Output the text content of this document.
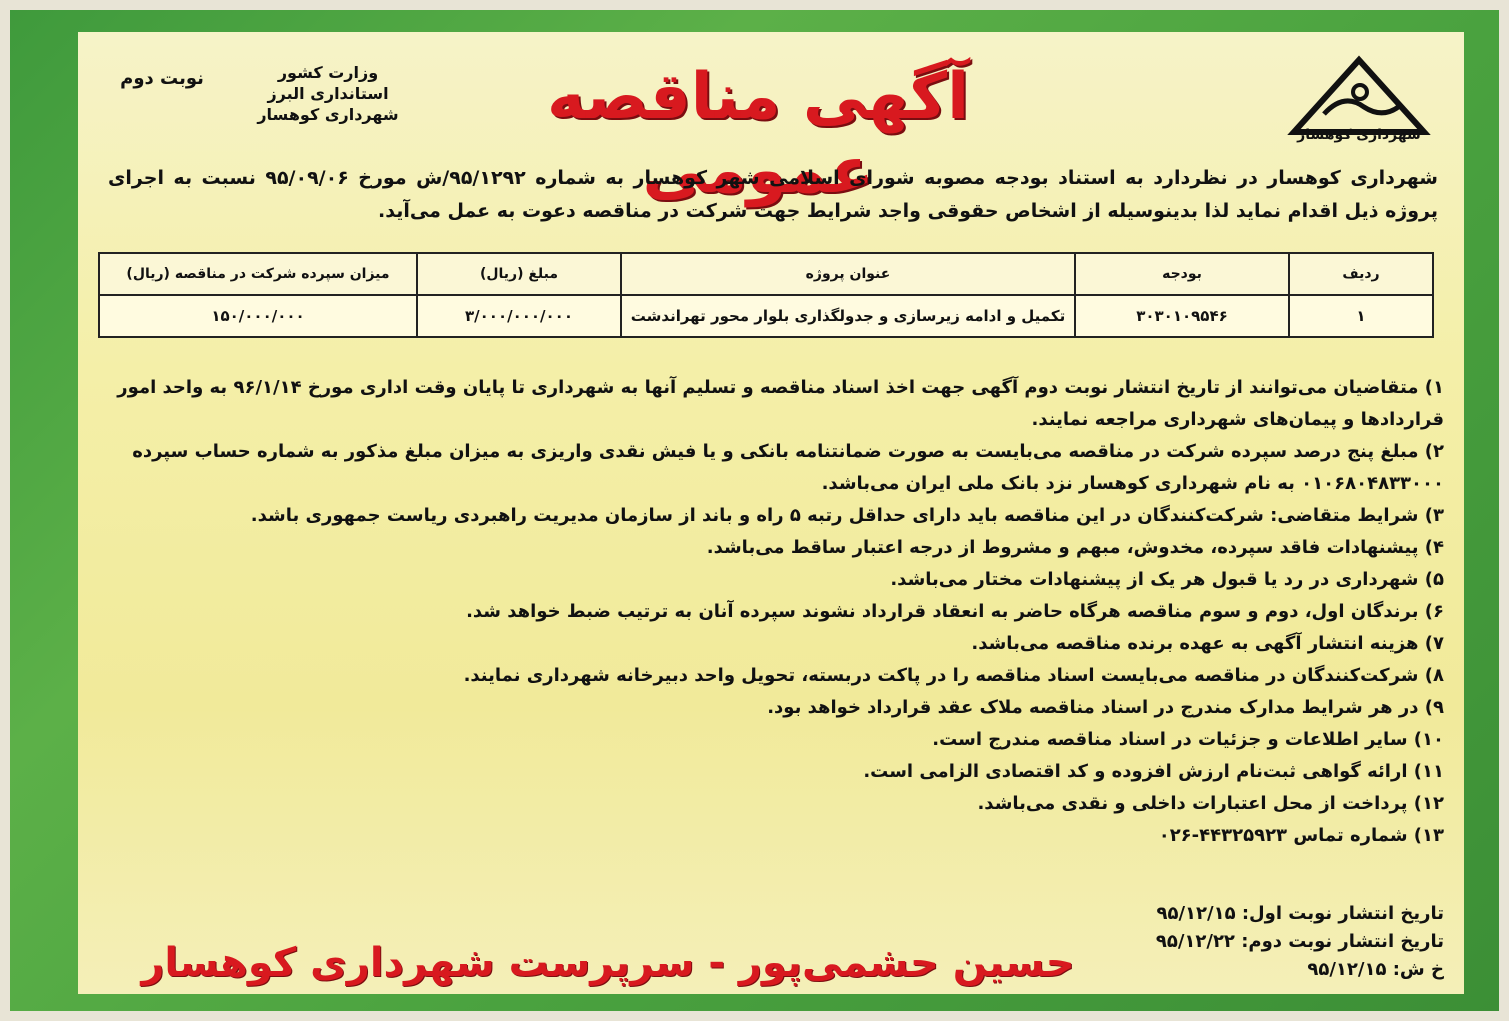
وزارت کشور
استانداری البرز
شهرداری کوهسار
نوبت دوم	آگهی مناقصه عمومی	شهرداری کوهسار
شهرداری کوهسار در نظردارد به استناد بودجه مصوبه شورای اسلامی شهر کوهسار به شماره ۹۵/۱۲۹۲/ش مورخ ۹۵/۰۹/۰۶ نسبت به اجرای پروژه ذیل اقدام نماید لذا بدینوسیله از اشخاص حقوقی واجد شرایط جهت شرکت در مناقصه دعوت به عمل می‌آید.
ردیف	بودجه	عنوان پروژه	مبلغ (ریال)	میزان سپرده شرکت در مناقصه (ریال)
۱	۳۰۳۰۱۰۹۵۴۶	تکمیل و ادامه زیرسازی و جدولگذاری بلوار محور تهراندشت	۳/۰۰۰/۰۰۰/۰۰۰	۱۵۰/۰۰۰/۰۰۰

۱) متقاضیان می‌توانند از تاریخ انتشار نوبت دوم آگهی جهت اخذ اسناد مناقصه و تسلیم آنها به شهرداری تا پایان وقت اداری مورخ ۹۶/۱/۱۴ به واحد امور قراردادها و پیمان‌های شهرداری مراجعه نمایند.

۲) مبلغ پنج درصد سپرده شرکت در مناقصه می‌بایست به صورت ضمانتنامه بانکی و یا فیش نقدی واریزی به میزان مبلغ مذکور به شماره حساب سپرده ۰۱۰۶۸۰۴۸۳۳۰۰۰ به نام شهرداری کوهسار نزد بانک ملی ایران می‌باشد.

۳) شرایط متقاضی: شرکت‌کنندگان در این مناقصه باید دارای حداقل رتبه ۵ راه و باند از سازمان مدیریت راهبردی ریاست جمهوری باشد.

۴) پیشنهادات فاقد سپرده، مخدوش، مبهم و مشروط از درجه اعتبار ساقط می‌باشد.

۵) شهرداری در رد یا قبول هر یک از پیشنهادات مختار می‌باشد.

۶) برندگان اول، دوم و سوم مناقصه هرگاه حاضر به انعقاد قرارداد نشوند سپرده آنان به ترتیب ضبط خواهد شد.

۷) هزینه انتشار آگهی به عهده برنده مناقصه می‌باشد.

۸) شرکت‌کنندگان در مناقصه می‌بایست اسناد مناقصه را در پاکت دربسته، تحویل واحد دبیرخانه شهرداری نمایند.

۹) در هر شرایط مدارک مندرج در اسناد مناقصه ملاک عقد قرارداد خواهد بود.

۱۰) سایر اطلاعات و جزئیات در اسناد مناقصه مندرج است.

۱۱) ارائه گواهی ثبت‌نام ارزش افزوده و کد اقتصادی الزامی است.

۱۲) پرداخت از محل اعتبارات داخلی و نقدی می‌باشد.

۱۳) شماره تماس ۴۴۳۲۵۹۲۳-۰۲۶

تاریخ انتشار نوبت اول: ۹۵/۱۲/۱۵

تاریخ انتشار نوبت دوم: ۹۵/۱۲/۲۲

خ ش: ۹۵/۱۲/۱۵

حسین حشمی‌پور - سرپرست شهرداری کوهسار
